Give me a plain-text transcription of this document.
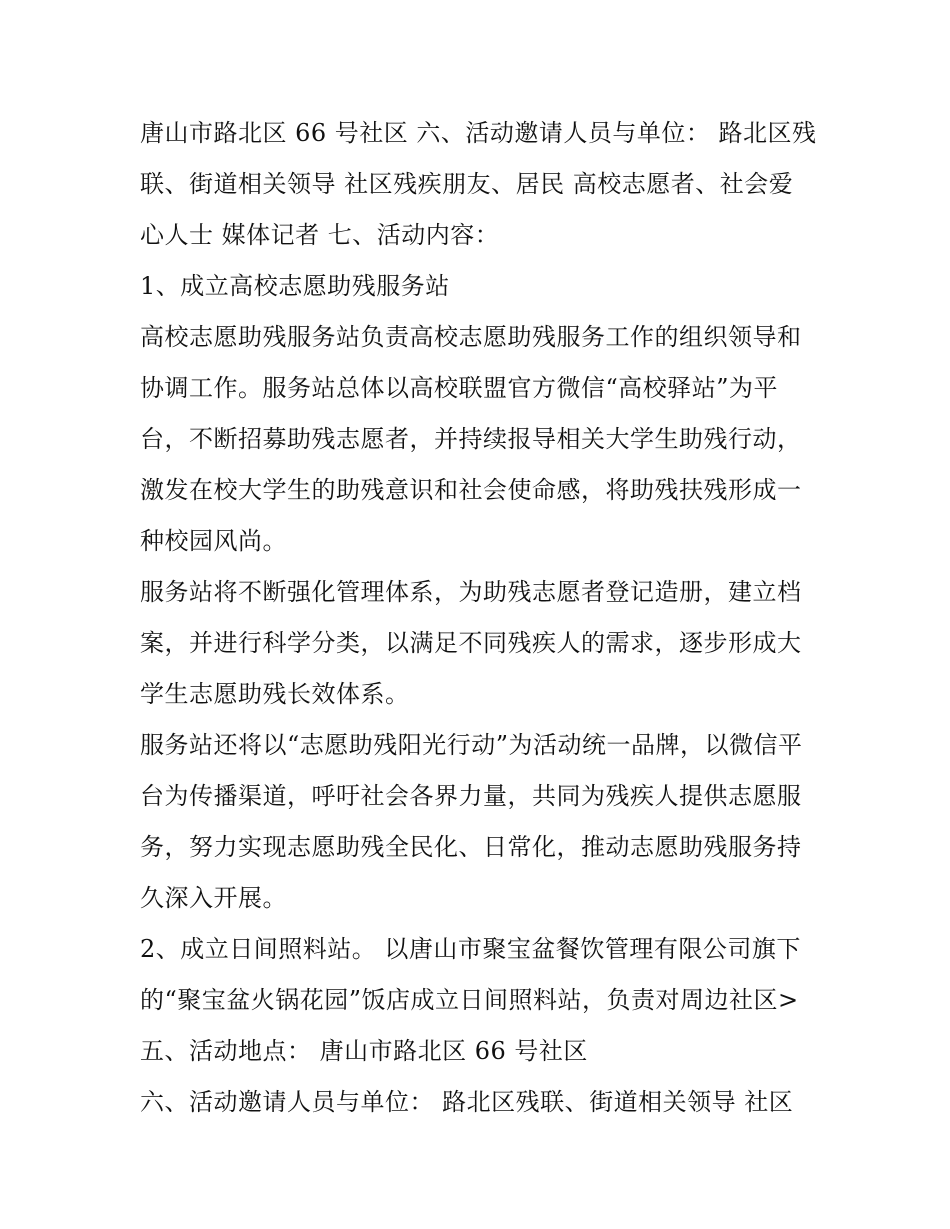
唐山市路北区 66 号社区 六、活动邀请人员与单位： 路北区残
联、街道相关领导 社区残疾朋友、居民 高校志愿者、社会爱
心人士 媒体记者 七、活动内容：
1、成立高校志愿助残服务站
高校志愿助残服务站负责高校志愿助残服务工作的组织领导和
协调工作。服务站总体以高校联盟官方微信“高校驿站”为平
台，不断招募助残志愿者，并持续报导相关大学生助残行动，
激发在校大学生的助残意识和社会使命感，将助残扶残形成一
种校园风尚。
服务站将不断强化管理体系，为助残志愿者登记造册，建立档
案，并进行科学分类，以满足不同残疾人的需求，逐步形成大
学生志愿助残长效体系。
服务站还将以“志愿助残阳光行动”为活动统一品牌，以微信平
台为传播渠道，呼吁社会各界力量，共同为残疾人提供志愿服
务，努力实现志愿助残全民化、日常化，推动志愿助残服务持
久深入开展。
2、成立日间照料站。 以唐山市聚宝盆餐饮管理有限公司旗下
的“聚宝盆火锅花园”饭店成立日间照料站，负责对周边社区>
五、活动地点： 唐山市路北区 66 号社区
六、活动邀请人员与单位： 路北区残联、街道相关领导 社区
